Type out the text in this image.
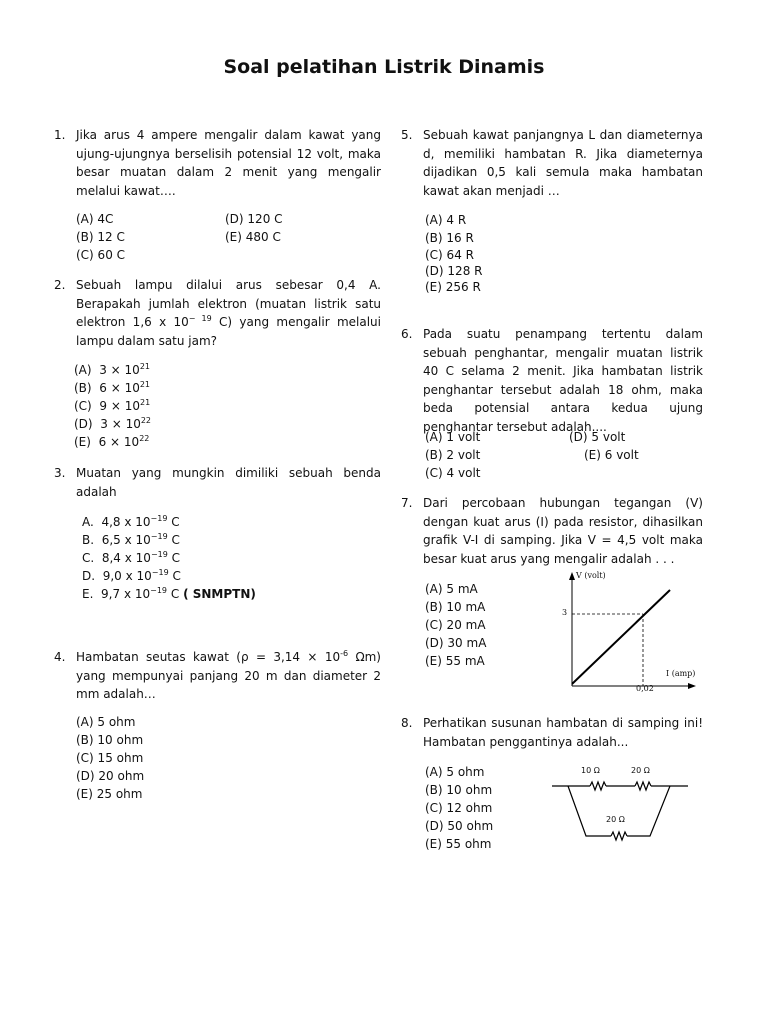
Soal pelatihan Listrik Dinamis
1. Jika arus 4 ampere mengalir dalam kawat yang ujung-ujungnya berselisih potensial 12 volt, maka besar muatan dalam 2 menit yang mengalir melalui kawat….
(A) 4C
(B) 12 C
(C) 60 C
(D) 120 C
(E) 480 C
2. Sebuah lampu dilalui arus sebesar 0,4 A. Berapakah jumlah elektron (muatan listrik satu elektron 1,6 x $10^{- 19}$ C) yang mengalir melalui lampu dalam satu jam?
(A) $3 \times 10^{21}$
(B) $6 \times 10^{21}$
(C) $9 \times 10^{21}$
(D) $3 \times 10^{22}$
(E) $6 \times 10^{22}$
3. Muatan yang mungkin dimiliki sebuah benda adalah
A. 4,8 x $10^{-19}$ C
B. 6,5 x $10^{-19}$ C
C. 8,4 x $10^{-19}$ C
D. 9,0 x $10^{-19}$ C
E. 9,7 x $10^{-19}$ C ( SNMPTN)
4. Hambatan seutas kawat ($\rho = 3,14 \times 10^{-6}$ Ωm) yang mempunyai panjang 20 m dan diameter 2 mm adalah…
(A) 5 ohm
(B) 10 ohm
(C) 15 ohm
(D) 20 ohm
(E) 25 ohm
5. Sebuah kawat panjangnya L dan diameternya d, memiliki hambatan R. Jika diameternya dijadikan 0,5 kali semula maka hambatan kawat akan menjadi …
(A) 4 R
(B) 16 R
(C) 64 R
(D) 128 R
(E) 256 R
6. Pada suatu penampang tertentu dalam sebuah penghantar, mengalir muatan listrik 40 C selama 2 menit. Jika hambatan listrik penghantar tersebut adalah 18 ohm, maka beda potensial antara kedua ujung penghantar tersebut adalah....
(A) 1 volt
(B) 2 volt
(C) 4 volt
(D) 5 volt
(E) 6 volt
7. Dari percobaan hubungan tegangan (V) dengan kuat arus (I) pada resistor, dihasilkan grafik V-I di samping. Jika V = 4,5 volt maka besar kuat arus yang mengalir adalah . . .
(A) 5 mA
(B) 10 mA
(C) 20 mA
(D) 30 mA
(E) 55 mA
V (volt)
I (amp)
3
0,02
8. Perhatikan susunan hambatan di samping ini! Hambatan penggantinya adalah...
(A) 5 ohm
(B) 10 ohm
(C) 12 ohm
(D) 50 ohm
(E) 55 ohm
10 Ω	20 Ω
20 Ω
